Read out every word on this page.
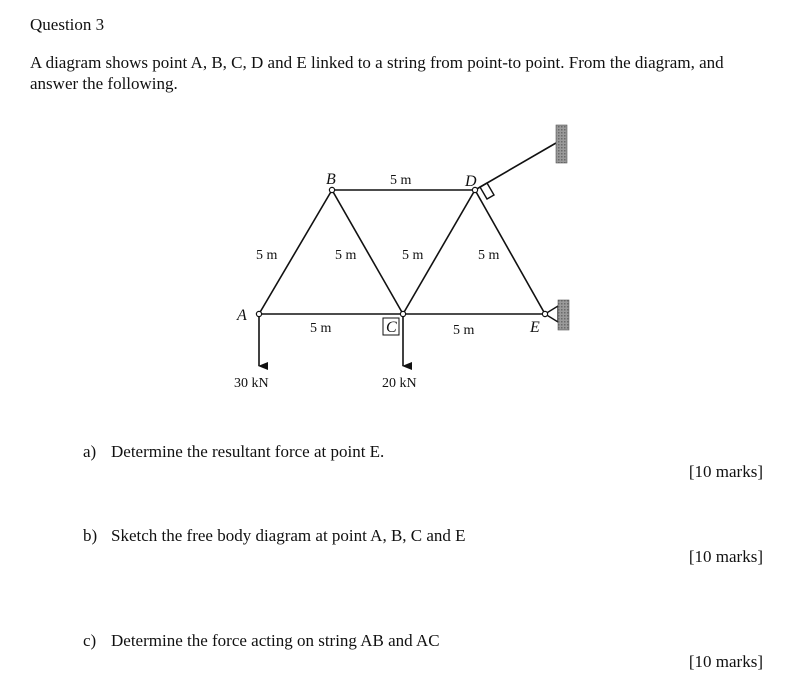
Question 3
A diagram shows point A, B, C, D and E linked to a string from point-to point. From the diagram, and answer the following.
A
B
C
D
E
5 m
5 m	5 m	5 m	5 m
5 m	5 m
30 kN	20 kN
a) Determine the resultant force at point E.
[10 marks]
b) Sketch the free body diagram at point A, B, C and E
[10 marks]
c) Determine the force acting on string AB and AC
[10 marks]
